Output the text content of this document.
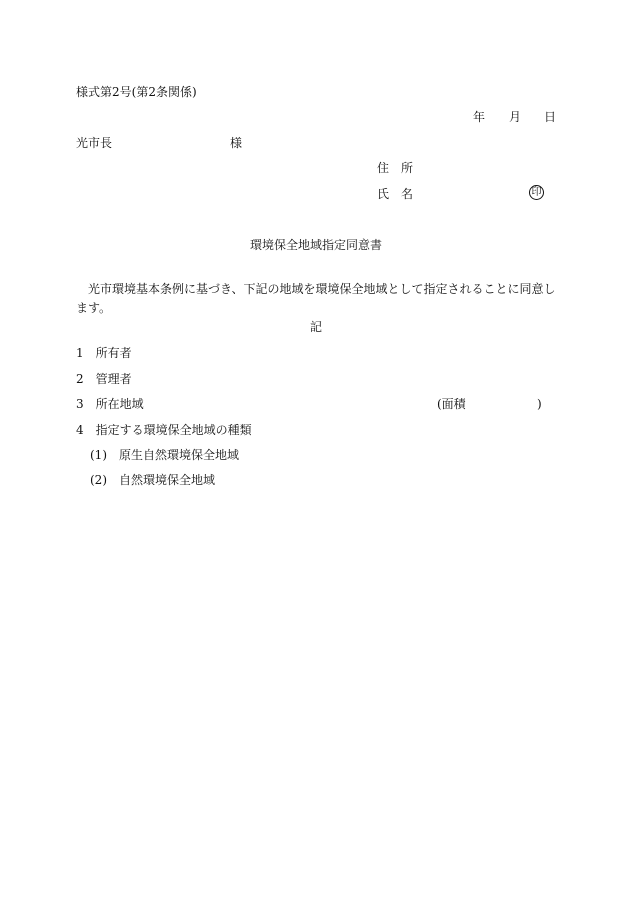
様式第2号(第2条関係)
年 月 日
光市長	様
住　所
氏　名	印
環境保全地域指定同意書
光市環境基本条例に基づき、下記の地域を環境保全地域として指定されることに同意し
ます。
記
1　所有者
2　管理者
3　所在地域	(面積	)
4　指定する環境保全地域の種類
(1)　原生自然環境保全地域
(2)　自然環境保全地域
